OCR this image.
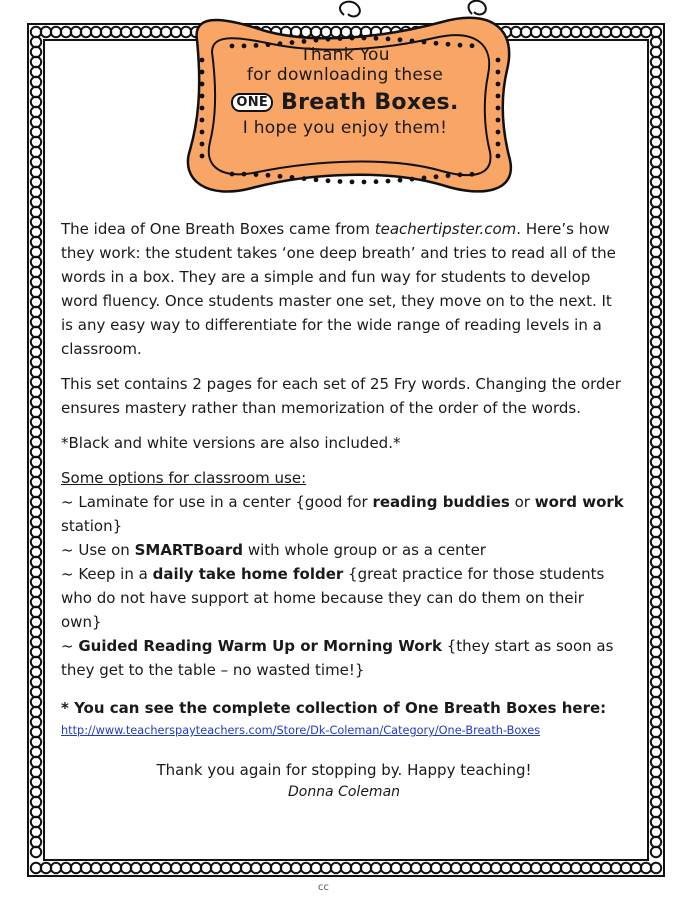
Thank You
for downloading these
ONE Breath Boxes.
I hope you enjoy them!

The idea of One Breath Boxes came from teachertipster.com. Here’s how they work: the student takes ‘one deep breath’ and tries to read all of the words in a box. They are a simple and fun way for students to develop word fluency. Once students master one set, they move on to the next. It is any easy way to differentiate for the wide range of reading levels in a classroom.

This set contains 2 pages for each set of 25 Fry words. Changing the order ensures mastery rather than memorization of the order of the words.

*Black and white versions are also included.*

Some options for classroom use:
~ Laminate for use in a center {good for reading buddies or word work station}
~ Use on SMARTBoard with whole group or as a center
~ Keep in a daily take home folder {great practice for those students who do not have support at home because they can do them on their own}
~ Guided Reading Warm Up or Morning Work {they start as soon as they get to the table – no wasted time!}
* You can see the complete collection of One Breath Boxes here:
http://www.teacherspayteachers.com/Store/Dk-Coleman/Category/One-Breath-Boxes
Thank you again for stopping by. Happy teaching!
Donna Coleman
cc
